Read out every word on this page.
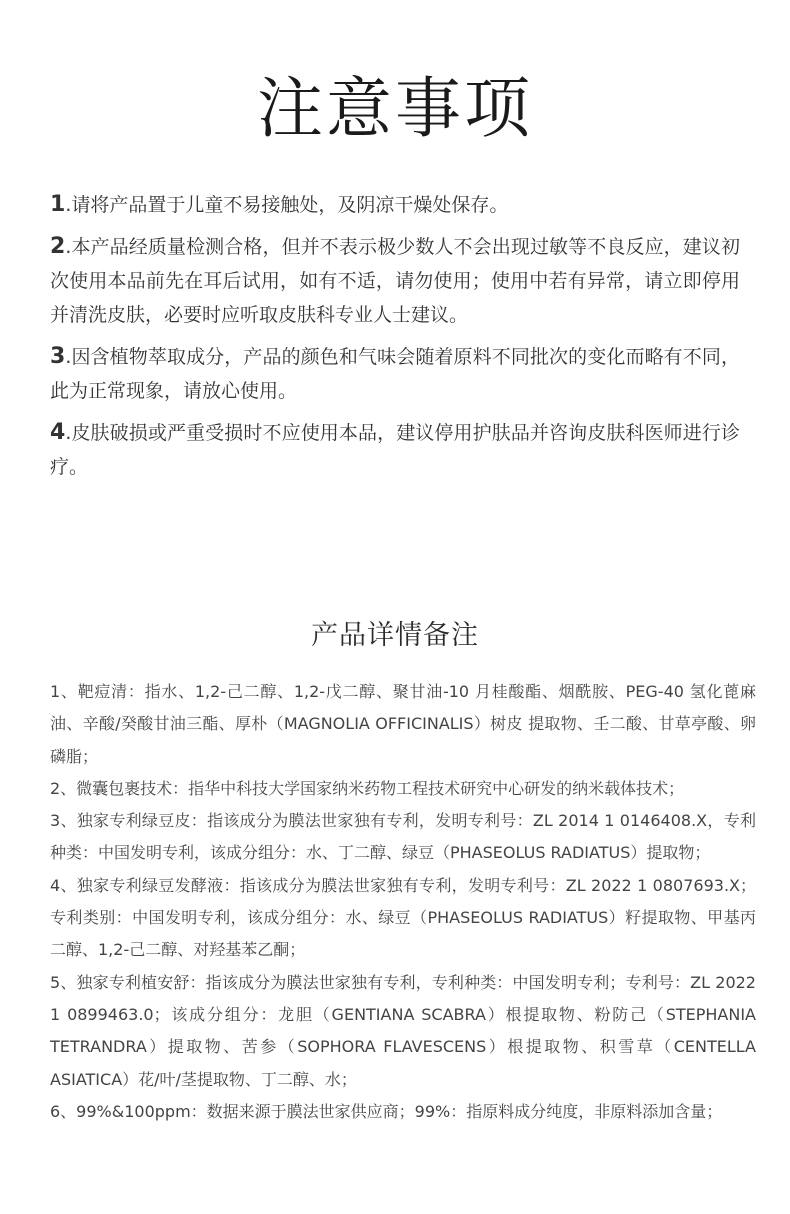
注意事项
1.请将产品置于儿童不易接触处，及阴凉干燥处保存。
2.本产品经质量检测合格，但并不表示极少数人不会出现过敏等不良反应，建议初次使用本品前先在耳后试用，如有不适，请勿使用；使用中若有异常，请立即停用并清洗皮肤，必要时应听取皮肤科专业人士建议。
3.因含植物萃取成分，产品的颜色和气味会随着原料不同批次的变化而略有不同，此为正常现象，请放心使用。
4.皮肤破损或严重受损时不应使用本品，建议停用护肤品并咨询皮肤科医师进行诊疗。
产品详情备注
1、靶痘清：指水、1,2-己二醇、1,2-戊二醇、聚甘油-10 月桂酸酯、烟酰胺、PEG-40 氢化蓖麻油、辛酸/癸酸甘油三酯、厚朴（MAGNOLIA OFFICINALIS）树皮 提取物、壬二酸、甘草亭酸、卵磷脂；
2、微囊包裹技术：指华中科技大学国家纳米药物工程技术研究中心研发的纳米载体技术；
3、独家专利绿豆皮：指该成分为膜法世家独有专利，发明专利号：ZL 2014 1 0146408.X，专利种类：中国发明专利，该成分组分：水、丁二醇、绿豆（PHASEOLUS RADIATUS）提取物；
4、独家专利绿豆发酵液：指该成分为膜法世家独有专利，发明专利号：ZL 2022 1 0807693.X；专利类别：中国发明专利，该成分组分：水、绿豆（PHASEOLUS RADIATUS）籽提取物、甲基丙二醇、1,2-己二醇、对羟基苯乙酮；
5、独家专利植安舒：指该成分为膜法世家独有专利，专利种类：中国发明专利；专利号：ZL 2022 1 0899463.0；该成分组分：龙胆（GENTIANA SCABRA）根提取物、粉防己（STEPHANIA TETRANDRA）提取物、苦参（SOPHORA FLAVESCENS）根提取物、积雪草（CENTELLA ASIATICA）花/叶/茎提取物、丁二醇、水；
6、99%&100ppm：数据来源于膜法世家供应商；99%：指原料成分纯度，非原料添加含量；
